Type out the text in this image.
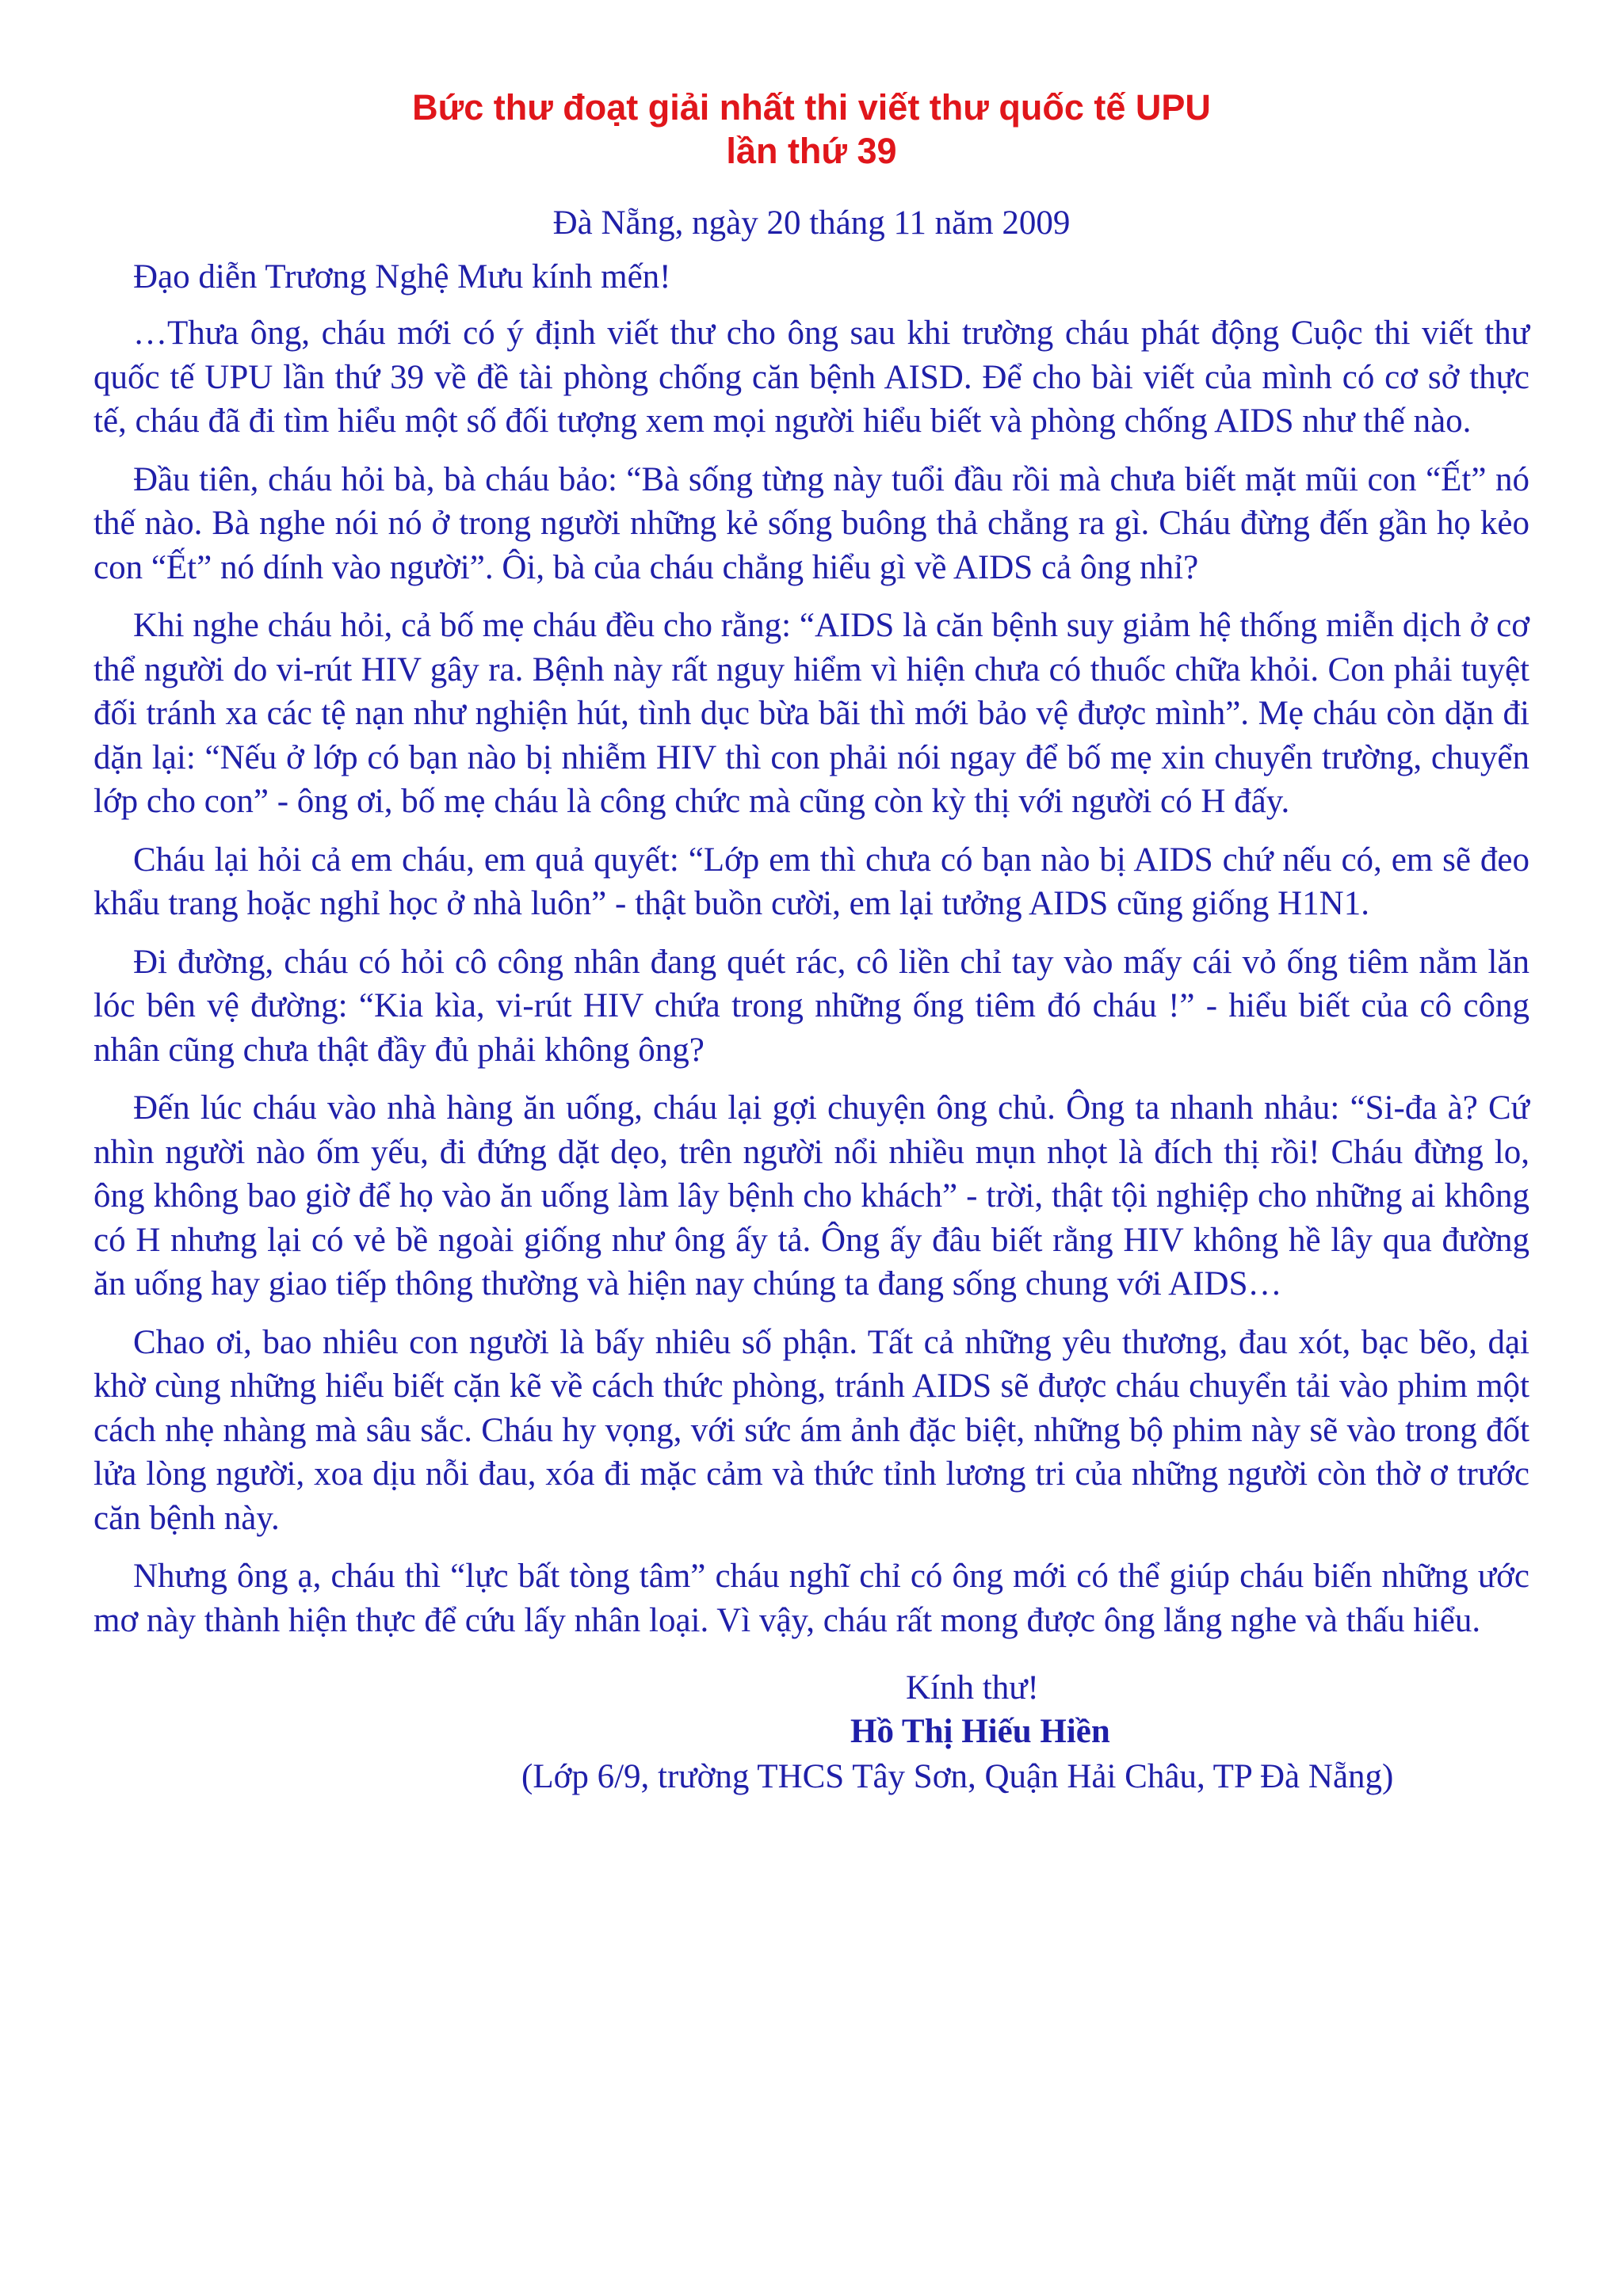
Bức thư đoạt giải nhất thi viết thư quốc tế UPU
lần thứ 39
Đà Nẵng, ngày 20 tháng 11 năm 2009
Đạo diễn Trương Nghệ Mưu kính mến!

…Thưa ông, cháu mới có ý định viết thư cho ông sau khi trường cháu phát động Cuộc thi viết thư quốc tế UPU lần thứ 39 về đề tài phòng chống căn bệnh AISD. Để cho bài viết của mình có cơ sở thực tế, cháu đã đi tìm hiểu một số đối tượng xem mọi người hiểu biết và phòng chống AIDS như thế nào.

Đầu tiên, cháu hỏi bà, bà cháu bảo: “Bà sống từng này tuổi đầu rồi mà chưa biết mặt mũi con “Ết” nó thế nào. Bà nghe nói nó ở trong người những kẻ sống buông thả chẳng ra gì. Cháu đừng đến gần họ kẻo con “Ết” nó dính vào người”. Ôi, bà của cháu chẳng hiểu gì về AIDS cả ông nhỉ?

Khi nghe cháu hỏi, cả bố mẹ cháu đều cho rằng: “AIDS là căn bệnh suy giảm hệ thống miễn dịch ở cơ thể người do vi-rút HIV gây ra. Bệnh này rất nguy hiểm vì hiện chưa có thuốc chữa khỏi. Con phải tuyệt đối tránh xa các tệ nạn như nghiện hút, tình dục bừa bãi thì mới bảo vệ được mình”. Mẹ cháu còn dặn đi dặn lại: “Nếu ở lớp có bạn nào bị nhiễm HIV thì con phải nói ngay để bố mẹ xin chuyển trường, chuyển lớp cho con” - ông ơi, bố mẹ cháu là công chức mà cũng còn kỳ thị với người có H đấy.

Cháu lại hỏi cả em cháu, em quả quyết: “Lớp em thì chưa có bạn nào bị AIDS chứ nếu có, em sẽ đeo khẩu trang hoặc nghỉ học ở nhà luôn” - thật buồn cười, em lại tưởng AIDS cũng giống H1N1.

Đi đường, cháu có hỏi cô công nhân đang quét rác, cô liền chỉ tay vào mấy cái vỏ ống tiêm nằm lăn lóc bên vệ đường: “Kia kìa, vi-rút HIV chứa trong những ống tiêm đó cháu !” - hiểu biết của cô công nhân cũng chưa thật đầy đủ phải không ông?

Đến lúc cháu vào nhà hàng ăn uống, cháu lại gợi chuyện ông chủ. Ông ta nhanh nhảu: “Si-đa à? Cứ nhìn người nào ốm yếu, đi đứng dặt dẹo, trên người nổi nhiều mụn nhọt là đích thị rồi! Cháu đừng lo, ông không bao giờ để họ vào ăn uống làm lây bệnh cho khách” - trời, thật tội nghiệp cho những ai không có H nhưng lại có vẻ bề ngoài giống như ông ấy tả. Ông ấy đâu biết rằng HIV không hề lây qua đường ăn uống hay giao tiếp thông thường và hiện nay chúng ta đang sống chung với AIDS…

Chao ơi, bao nhiêu con người là bấy nhiêu số phận. Tất cả những yêu thương, đau xót, bạc bẽo, dại khờ cùng những hiểu biết cặn kẽ về cách thức phòng, tránh AIDS sẽ được cháu chuyển tải vào phim một cách nhẹ nhàng mà sâu sắc. Cháu hy vọng, với sức ám ảnh đặc biệt, những bộ phim này sẽ vào trong đốt lửa lòng người, xoa dịu nỗi đau, xóa đi mặc cảm và thức tỉnh lương tri của những người còn thờ ơ trước căn bệnh này.

Nhưng ông ạ, cháu thì “lực bất tòng tâm” cháu nghĩ chỉ có ông mới có thể giúp cháu biến những ước mơ này thành hiện thực để cứu lấy nhân loại. Vì vậy, cháu rất mong được ông lắng nghe và thấu hiểu.

Kính thư!
Hồ Thị Hiếu Hiền
(Lớp 6/9, trường THCS Tây Sơn, Quận Hải Châu, TP Đà Nẵng)
